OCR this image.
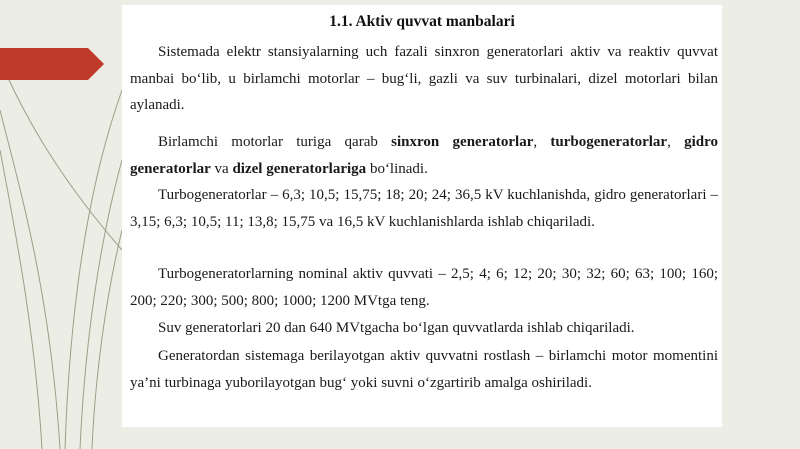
1.1. Aktiv quvvat manbalari
Sistemada elektr stansiyalarning uch fazali sinxron generatorlari aktiv va reaktiv quvvat manbai bo‘lib, u birlamchi motorlar – bug‘li, gazli va suv turbinalari, dizel motorlari bilan aylanadi.
Birlamchi motorlar turiga qarab sinxron generatorlar, turbogeneratorlar, gidro generatorlar va dizel generatorlariga bo‘linadi.
Turbogeneratorlar – 6,3; 10,5; 15,75; 18; 20; 24; 36,5 kV kuchlanishda, gidro generatorlari – 3,15; 6,3; 10,5; 11; 13,8; 15,75 va 16,5 kV kuchlanishlarda ishlab chiqariladi.
Turbogeneratorlarning nominal aktiv quvvati – 2,5; 4; 6; 12; 20; 30; 32; 60; 63; 100; 160; 200; 220; 300; 500; 800; 1000; 1200 MVtga teng.
Suv generatorlari 20 dan 640 MVtgacha bo‘lgan quvvatlarda ishlab chiqariladi.
Generatordan sistemaga berilayotgan aktiv quvvatni rostlash – birlamchi motor momentini ya’ni turbinaga yuborilayotgan bug‘ yoki suvni o‘zgartirib amalga oshiriladi.
